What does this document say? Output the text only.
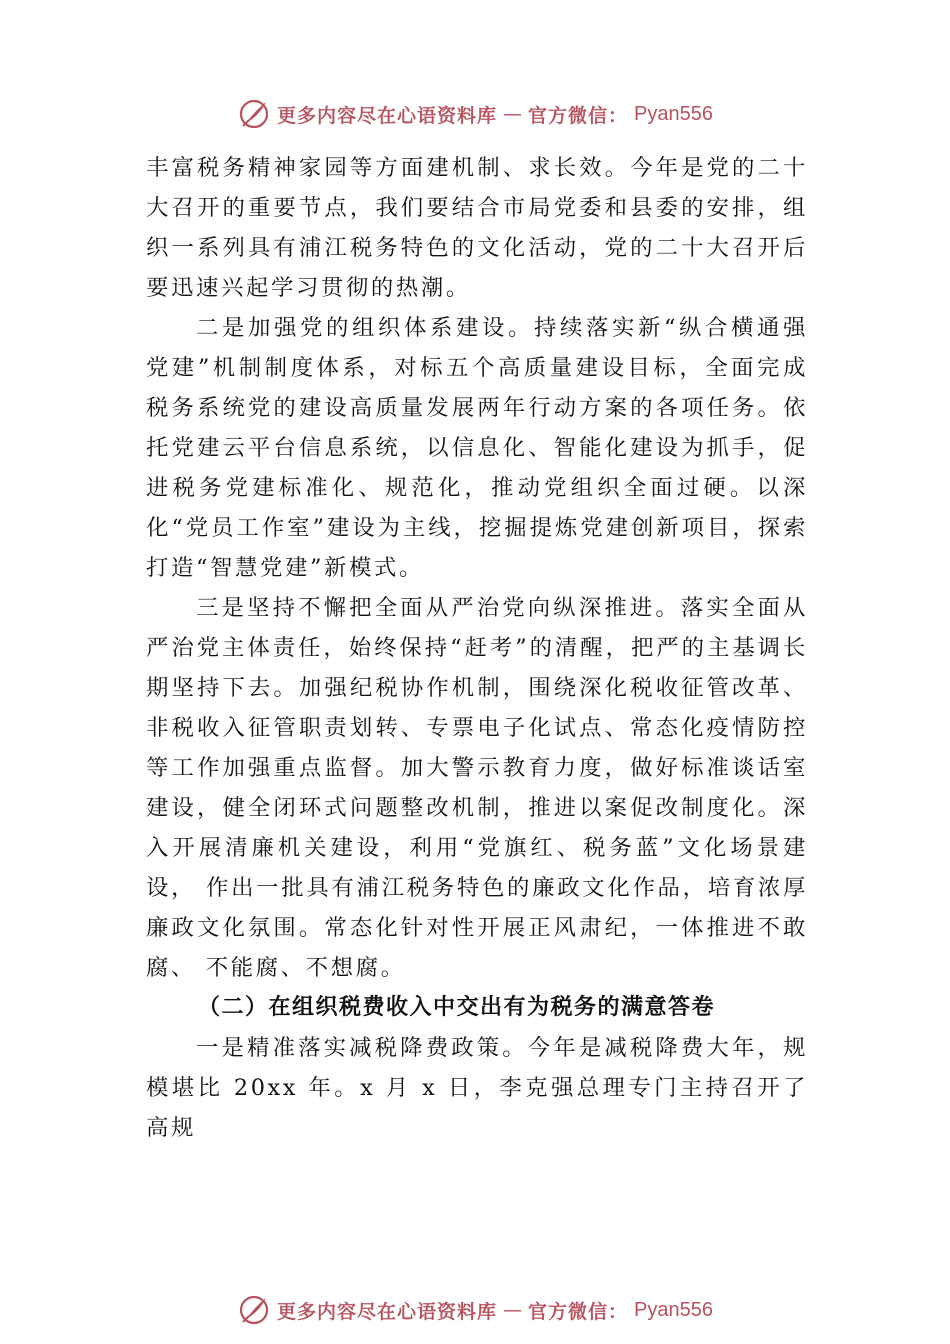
更多内容尽在心语资料库 — 官方微信： Pyan556

丰富税务精神家园等方面建机制、求长效。今年是党的二十大召开的重要节点，我们要结合市局党委和县委的安排，组织一系列具有浦江税务特色的文化活动，党的二十大召开后要迅速兴起学习贯彻的热潮。

二是加强党的组织体系建设。持续落实新“纵合横通强党建”机制制度体系，对标五个高质量建设目标，全面完成税务系统党的建设高质量发展两年行动方案的各项任务。依托党建云平台信息系统，以信息化、智能化建设为抓手，促进税务党建标准化、规范化，推动党组织全面过硬。以深化“党员工作室”建设为主线，挖掘提炼党建创新项目，探索打造“智慧党建”新模式。

三是坚持不懈把全面从严治党向纵深推进。落实全面从严治党主体责任，始终保持“赶考”的清醒，把严的主基调长期坚持下去。加强纪税协作机制，围绕深化税收征管改革、 非税收入征管职责划转、专票电子化试点、常态化疫情防控等工作加强重点监督。加大警示教育力度，做好标准谈话室建设，健全闭环式问题整改机制，推进以案促改制度化。深入开展清廉机关建设，利用“党旗红、税务蓝”文化场景建设， 作出一批具有浦江税务特色的廉政文化作品，培育浓厚廉政文化氛围。常态化针对性开展正风肃纪，一体推进不敢腐、 不能腐、不想腐。

（二）在组织税费收入中交出有为税务的满意答卷

一是精准落实减税降费政策。今年是减税降费大年，规模堪比 20xx 年。x 月 x 日，李克强总理专门主持召开了高规

更多内容尽在心语资料库 — 官方微信： Pyan556
